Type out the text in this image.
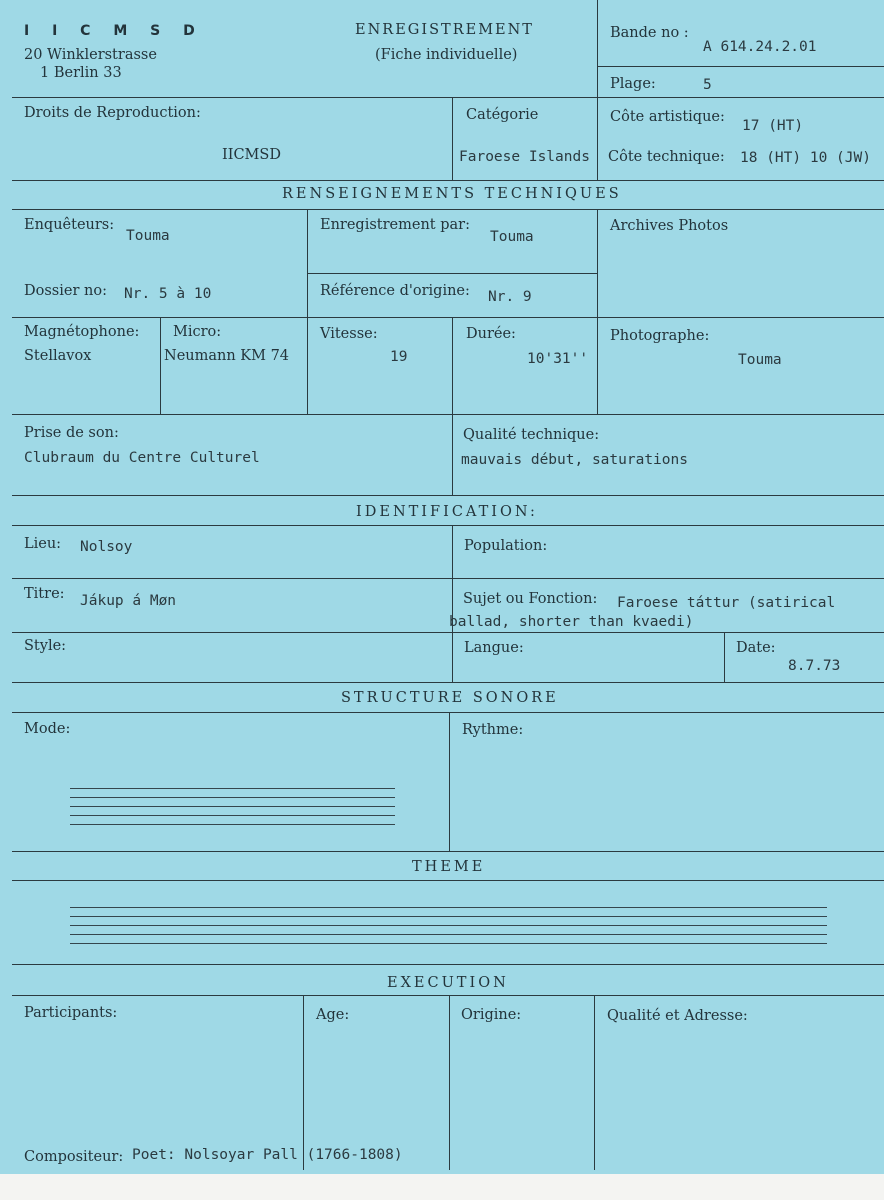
I I C M S D
20 Winklerstrasse
1 Berlin 33
ENREGISTREMENT
(Fiche individuelle)
Bande no :
A 614.24.2.01
Plage:	5
Droits de Reproduction:
IICMSD
Catégorie
Faroese Islands
Côte artistique:
17 (HT)
Côte technique: 18 (HT) 10 (JW)
RENSEIGNEMENTS TECHNIQUES
Enquêteurs:
Touma
Enregistrement par:
Touma
Archives Photos
Dossier no: Nr. 5 à 10	Référence d'origine: Nr. 9
Magnétophone:
Stellavox
Micro:
Neumann KM 74
Vitesse:
19
Durée:
10'31''
Photographe:
Touma
Prise de son:
Clubraum du Centre Culturel
Qualité technique:
mauvais début, saturations
IDENTIFICATION:
Lieu: Nolsoy	Population:
Titre: Jákup á Møn	Sujet ou Fonction: Faroese táttur (satirical
ballad, shorter than kvaedi)
Style:	Langue:	Date:
8.7.73
STRUCTURE SONORE
Mode:	Rythme:
THEME
EXECUTION
Participants:	Age:	Origine:	Qualité et Adresse:
Compositeur: Poet: Nolsoyar Pall (1766-1808)
